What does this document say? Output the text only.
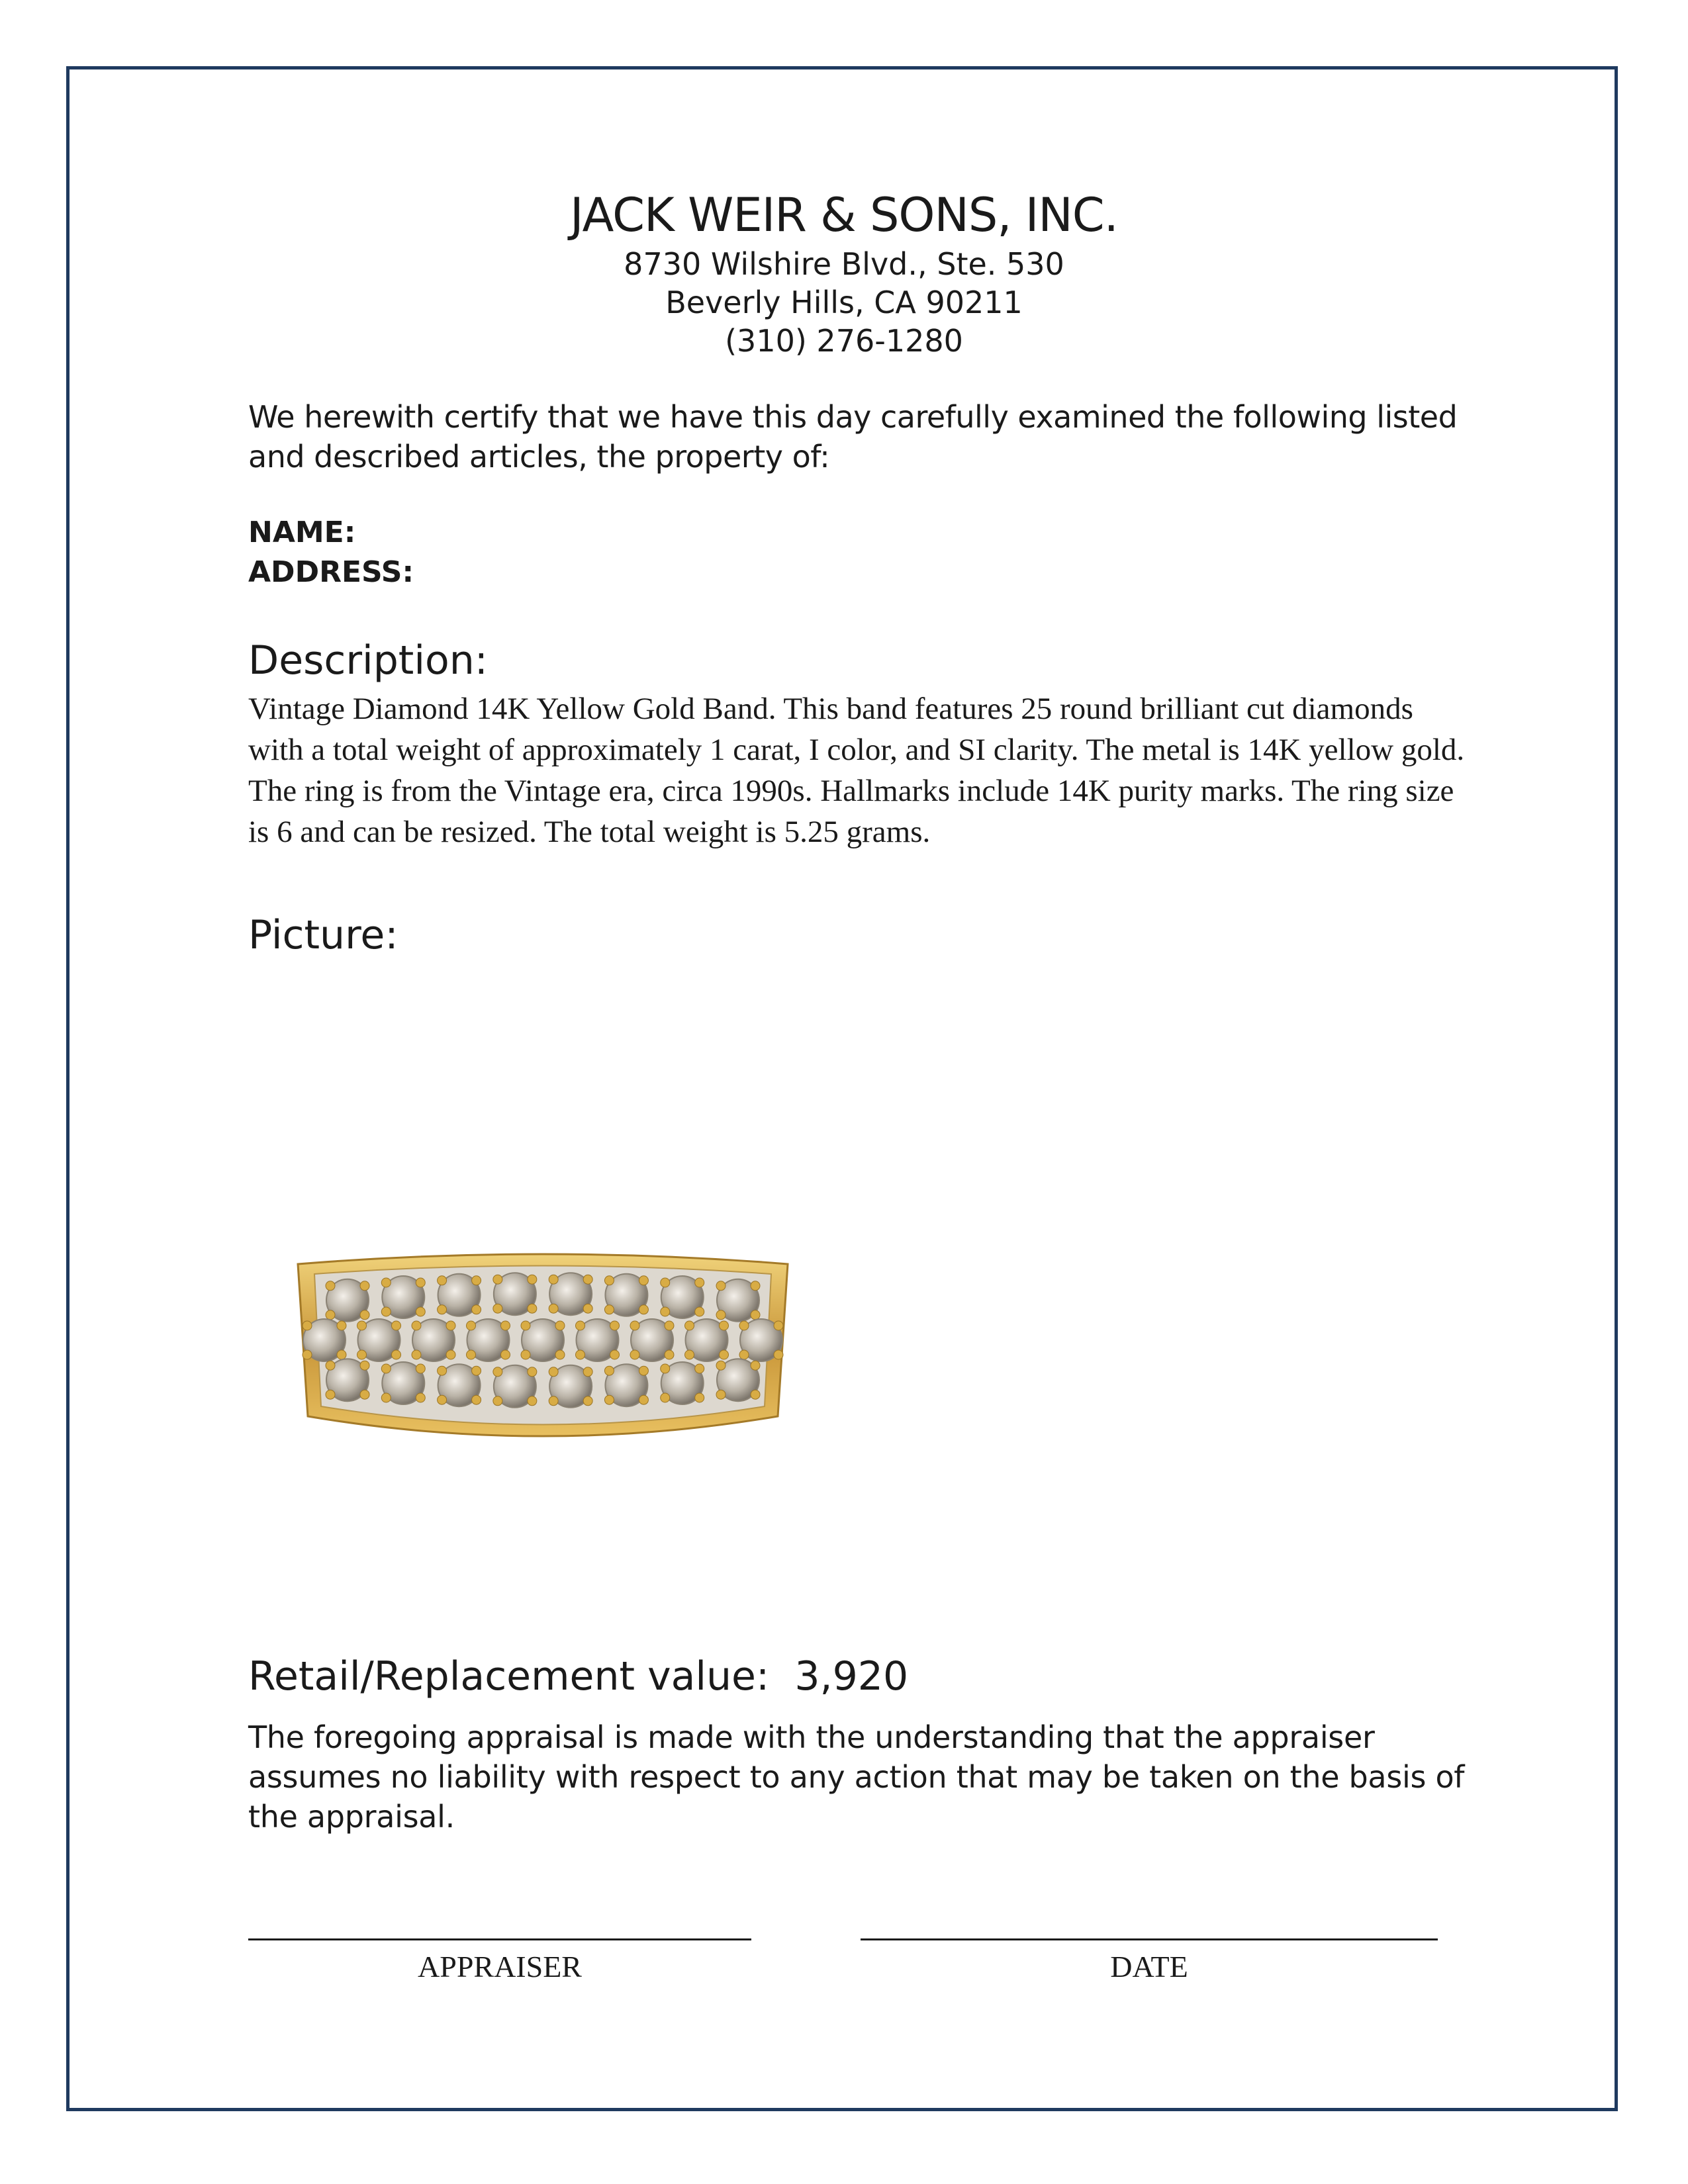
JACK WEIR & SONS, INC.
8730 Wilshire Blvd., Ste. 530
Beverly Hills, CA 90211
(310) 276-1280
We herewith certify that we have this day carefully examined the following listed and described articles, the property of:
NAME:
ADDRESS:
Description:
Vintage Diamond 14K Yellow Gold Band. This band features 25 round brilliant cut diamonds with a total weight of approximately 1 carat, I color, and SI clarity. The metal is 14K yellow gold. The ring is from the Vintage era, circa 1990s. Hallmarks include 14K purity marks. The ring size is 6 and can be resized. The total weight is 5.25 grams.
Picture:
Retail/Replacement value: 3,920
The foregoing appraisal is made with the understanding that the appraiser assumes no liability with respect to any action that may be taken on the basis of the appraisal.
APPRAISER	DATE
